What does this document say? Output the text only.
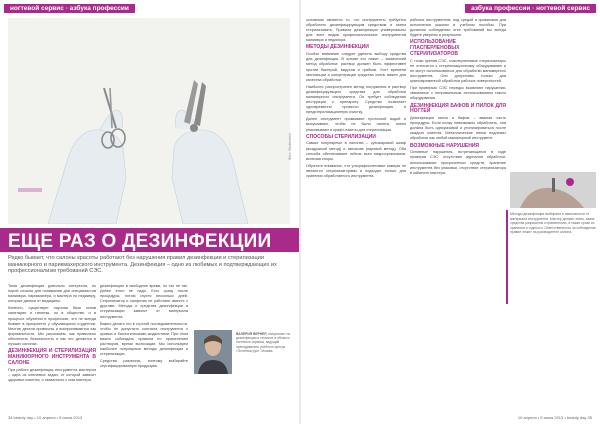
ногтевой сервис · азбука профессии
Фото: Shutterstock
ЕЩЕ РАЗ О ДЕЗИНФЕКЦИИ
Редко бывает, что салоны красоты работают без нарушения правил дезинфекции и стерилизации маникюрного и парикмахерского инструмента. Дезинфекция – одно из любимых и подтверждающих их профессионализм требований СЭС.
Тема дезинфекции довольно интересна, но порой сложна для понимания для специалистов маникюра, парикмахера, и мастера по педикюру, которые далеки от медицины.
Конечно, существует научная база основ санитарии и гигиены, но в обществе, и в процессе обучения в профессию, это не всегда бывает в приоритете у обучающихся студентов. Многие детали привычны и воспринимаются как формальности. Мы расскажем, как правильно обеспечить безопасность и как это делается в лучших салонах.
ДЕЗИНФЕКЦИЯ И СТЕРИЛИЗАЦИЯ МАНИКЮРНОГО ИНСТРУМЕНТА В САЛОНЕ
При работе дезинфекция инструмента мастером – одна из ключевых задач, от которой зависит здоровье клиента, и связанного с ним мастера.
дезинфекцию в свободное время, но это не так. Далее этого не надо. Есть сразу после процедуры, потом спустя несколько дней. Стерилизатор и салфетки не работают вместе с другими. Методы и средства дезинфекции и стерилизации зависят от материала инструмента.
Важно делать это в строгой последовательности, чтобы не допустить контакта инструмента с кровью и биологическими жидкостями. При этом важно соблюдать правила по применению растворов, время экспозиции. Мы используем наиболее популярные методы дезинфекции и стерилизации.
Средства различны, поэтому выбирайте сертифицированную продукцию.
ВАЛЕРИЯ ВЕРНЕР, специалист по дезинфекции и технолог в области ногтевого сервиса, ведущий преподаватель учебного центра «Эстетика рук», Москва
34 beauty day • 10 апреля • 5 июля 2013
азбука профессии · ногтевой сервис
основным является то, что инструменты требуется обработать дезинфицирующим средством и затем стерилизовать. Правила дезинфекции универсальны для всех видов профессиональных инструментов маникюра и педикюра.
МЕТОДЫ ДЕЗИНФЕКЦИИ
Особое внимание следует уделить выбору средства для дезинфекции. В основе его лежит – химический метод обработки: раствор должен быть эффективен против бактерий, вирусов и грибков. Учет времени экспозиции и концентрации средства очень важен для качества обработки.
Наиболее распространен метод погружения в раствор дезинфицирующего средства для обработки маникюрного инструмента. Он требует соблюдения инструкции к препарату. Средство позволяет одновременно провести дезинфекцию и предстерилизационную очистку.
Далее инструмент промывают проточной водой и высушивают, чтобы не было налета, затем упаковывают в крафт-пакеты для стерилизации.
СПОСОБЫ СТЕРИЛИЗАЦИИ
Самые популярные в салонах – сухожаровой шкаф (воздушный метод) и автоклав (паровой метод). Оба способа обеспечивают гибель всех микроорганизмов, включая споры.
Обратите внимание, что ультрафиолетовые камеры не являются стерилизаторами и подходят только для хранения обработанного инструмента.
рабочих инструментов, под средой и правилами для исполнения указано в учебном пособии. При должном соблюдении этих требований вы всегда будете уверены в результате.
ИСПОЛЬЗОВАНИЕ ГЛАСПЕРЛЕНОВЫХ СТЕРИЛИЗАТОРОВ
С точки зрения СЭС, гласперленовые стерилизаторы не относятся к стерилизационному оборудованию и не могут использоваться для обработки маникюрного инструмента. Они допустимы только для кратковременной обработки рабочих поверхностей.
При проверках СЭС нередко выявляют нарушения, связанные с неправильным использованием такого оборудования.
ДЕЗИНФЕКЦИЯ БАФОВ И ПИЛОК ДЛЯ НОГТЕЙ
Дезинфекция пилок и бафов – важная часть процедуры. Если пилку невозможно обработать, она должна быть одноразовой и утилизироваться после каждого клиента. Металлические пилки подлежат обработке как любой маникюрный инструмент.
ВОЗМОЖНЫЕ НАРУШЕНИЯ
Основные нарушения, встречающиеся в ходе проверки СЭС: отсутствие журналов обработки, использование просроченных средств, хранение инструмента без упаковки, отсутствие стерилизатора в кабинете мастера.
10 апреля • 5 июля 2013 • beauty day 35
Методы дезинфекции выбирают в зависимости от материала инструмента. Мастер должен знать, какие средства разрешены к применению, а также сроки их хранения и годности. Ответственность за соблюдение правил лежит на руководителе салона.
